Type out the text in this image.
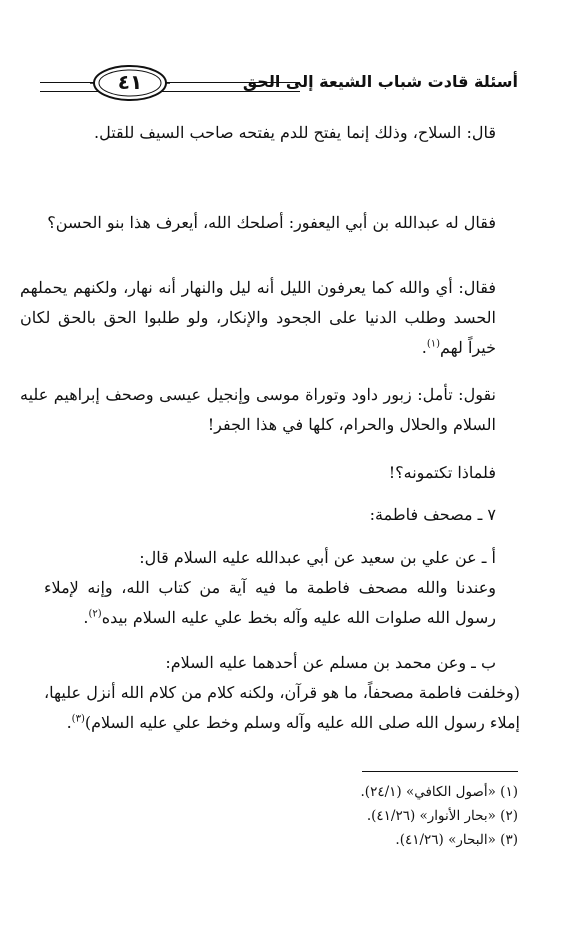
أسئلة قادت شباب الشيعة إلى الحق
٤١

قال: السلاح، وذلك إنما يفتح للدم يفتحه صاحب السيف للقتل.

فقال له عبدالله بن أبي اليعفور: أصلحك الله، أيعرف هذا بنو الحسن؟

فقال: أي والله كما يعرفون الليل أنه ليل والنهار أنه نهار، ولكنهم يحملهم الحسد وطلب الدنيا على الجحود والإنكار، ولو طلبوا الحق بالحق لكان خيراً لهم$^{(١)}$.

نقول: تأمل: زبور داود وتوراة موسى وإنجيل عيسى وصحف إبراهيم عليه السلام والحلال والحرام، كلها في هذا الجفر!

فلماذا تكتمونه؟!

٧ ـ مصحف فاطمة:

أ ـ عن علي بن سعيد عن أبي عبدالله عليه السلام قال:

وعندنا والله مصحف فاطمة ما فيه آية من كتاب الله، وإنه لإملاء رسول الله صلوات الله عليه وآله بخط علي عليه السلام بيده$^{(٢)}$.

ب ـ وعن محمد بن مسلم عن أحدهما عليه السلام:

(وخلفت فاطمة مصحفاً، ما هو قرآن، ولكنه كلام من كلام الله أنزل عليها، إملاء رسول الله صلى الله عليه وآله وسلم وخط علي عليه السلام)$^{(٣)}$.

(١) «أصول الكافي» (٢٤/١).

(٢) «بحار الأنوار» (٤١/٢٦).

(٣) «البحار» (٤١/٢٦).
